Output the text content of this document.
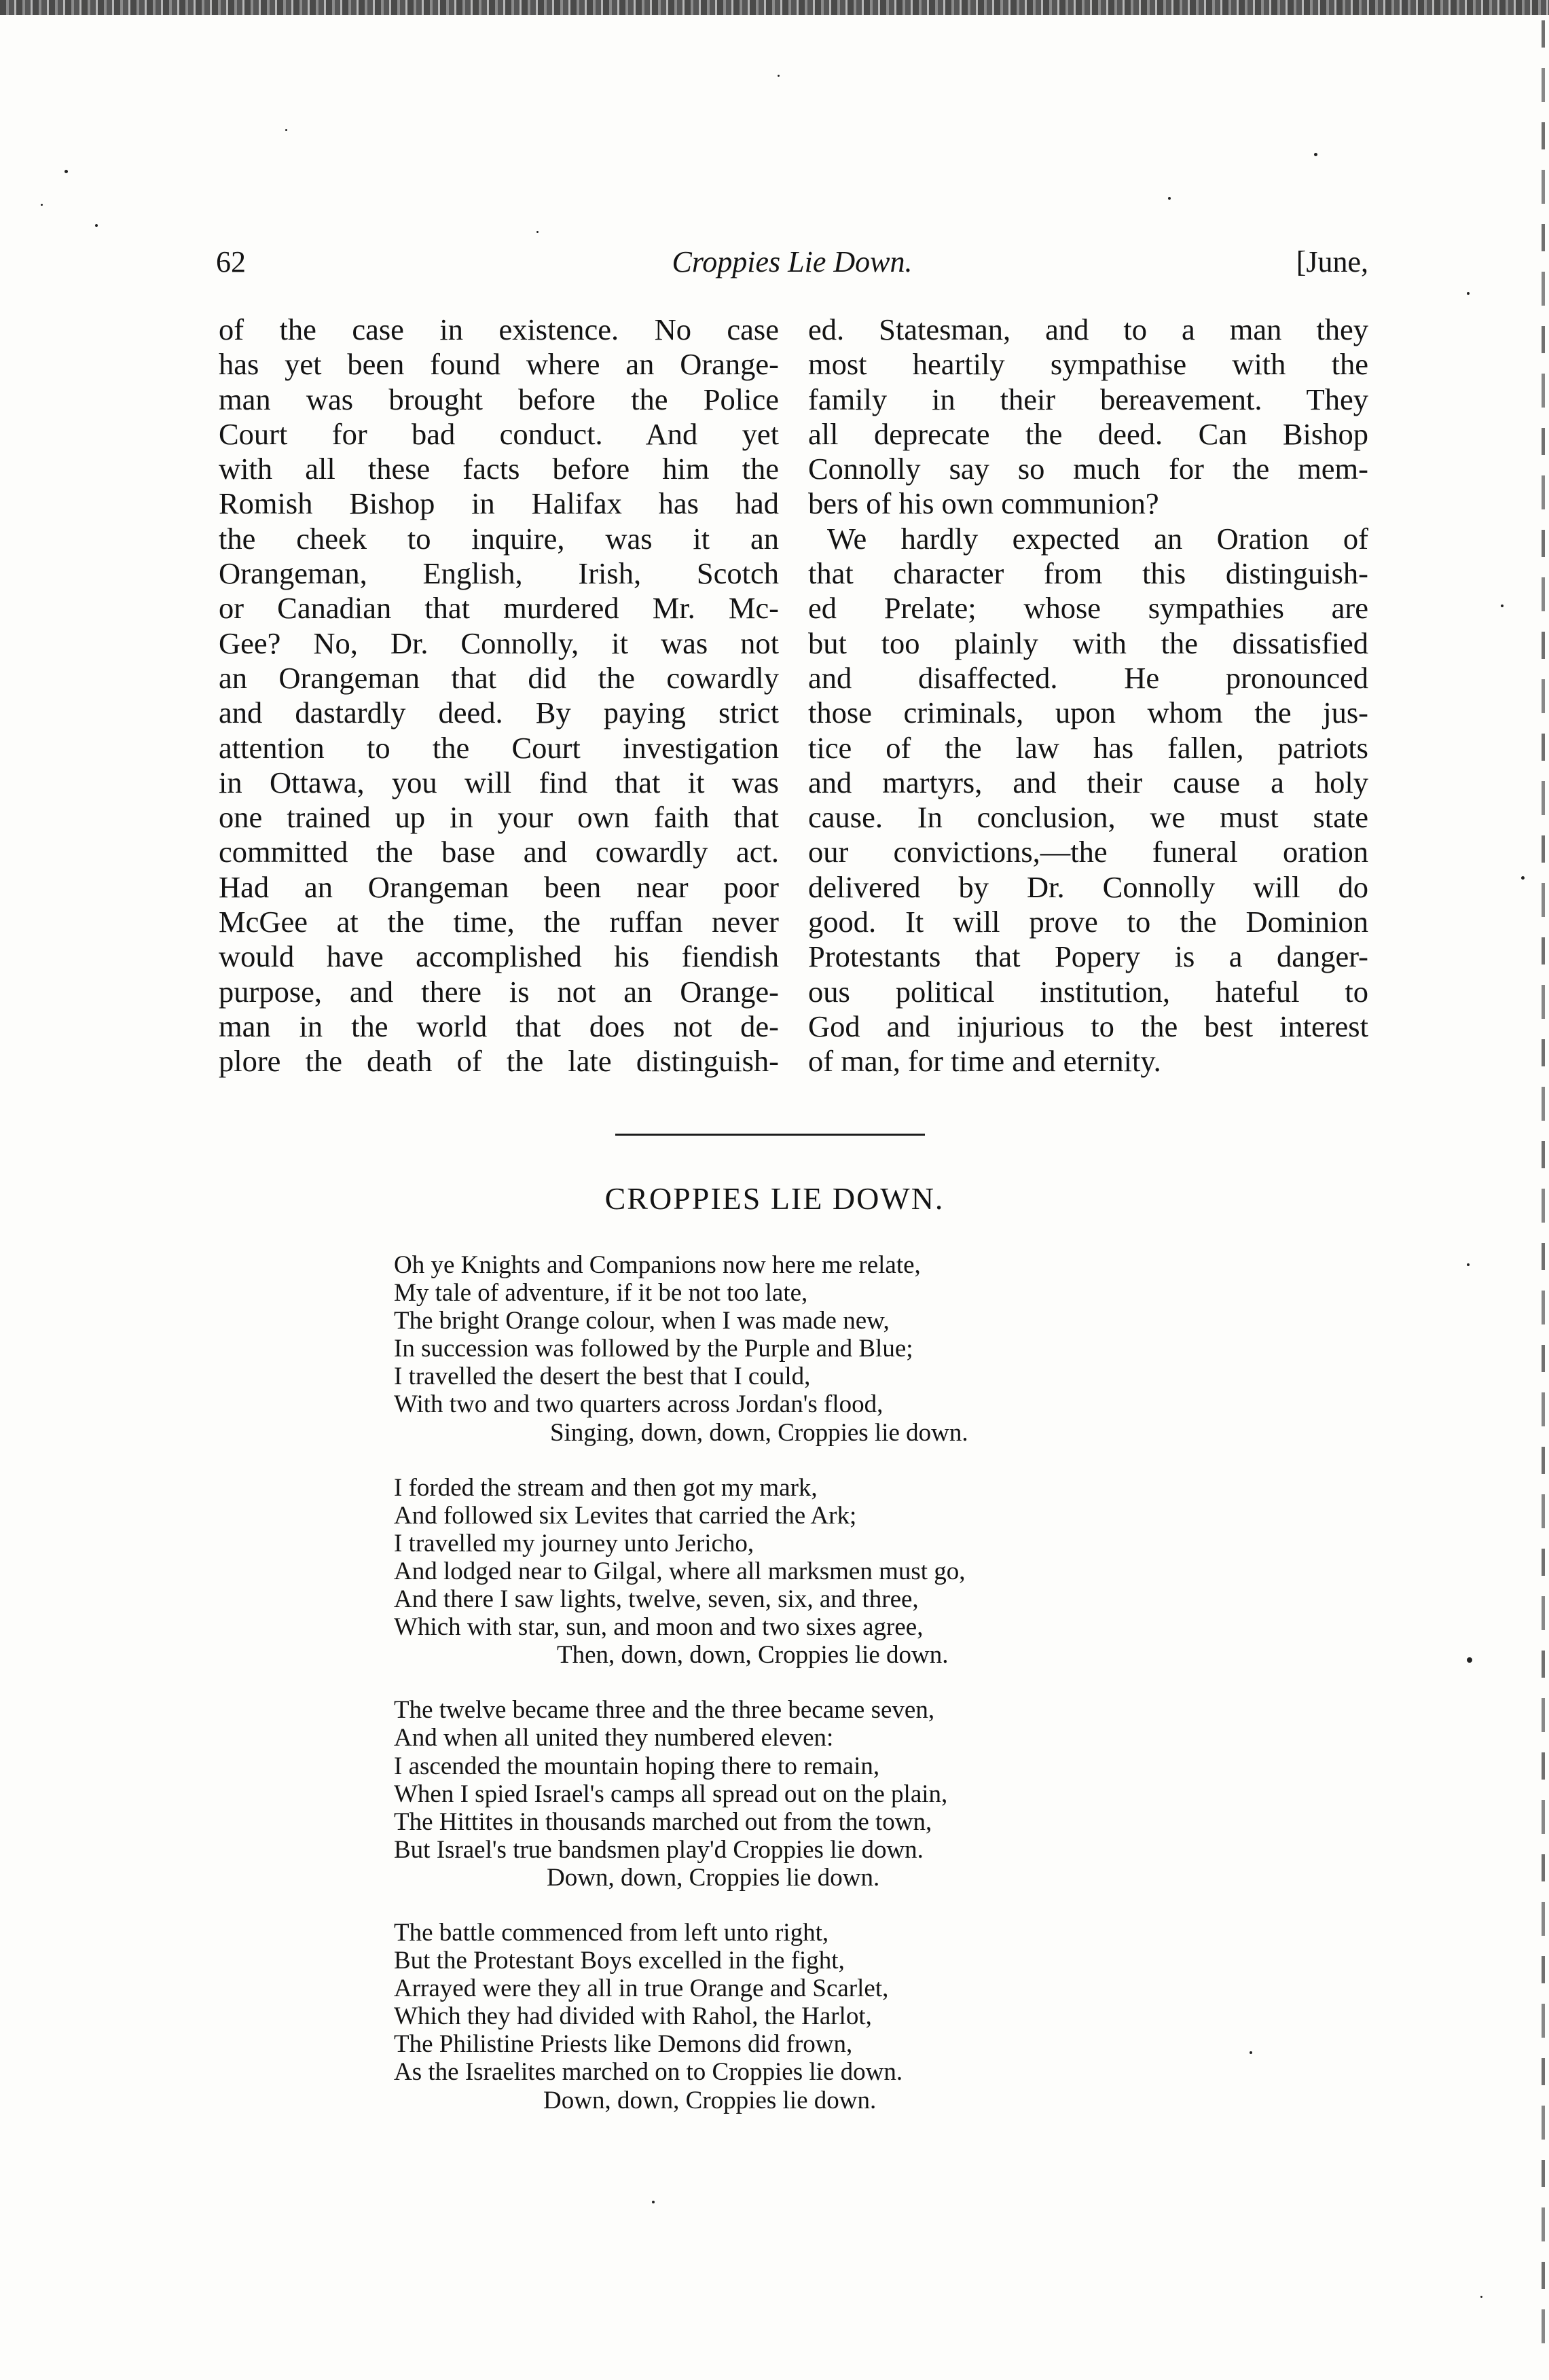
62	Croppies Lie Down.	[June,
of the case in existence. No case
has yet been found where an Orange-
man was brought before the Police
Court for bad conduct. And yet
with all these facts before him the
Romish Bishop in Halifax has had
the cheek to inquire, was it an
Orangeman, English, Irish, Scotch
or Canadian that murdered Mr. Mc-
Gee? No, Dr. Connolly, it was not
an Orangeman that did the cowardly
and dastardly deed. By paying strict
attention to the Court investigation
in Ottawa, you will find that it was
one trained up in your own faith that
committed the base and cowardly act.
Had an Orangeman been near poor
McGee at the time, the ruffan never
would have accomplished his fiendish
purpose, and there is not an Orange-
man in the world that does not de-
plore the death of the late distinguish-
ed. Statesman, and to a man they
most heartily sympathise with the
family in their bereavement. They
all deprecate the deed. Can Bishop
Connolly say so much for the mem-
bers of his own communion?
We hardly expected an Oration of
that character from this distinguish-
ed Prelate; whose sympathies are
but too plainly with the dissatisfied
and disaffected. He pronounced
those criminals, upon whom the jus-
tice of the law has fallen, patriots
and martyrs, and their cause a holy
cause. In conclusion, we must state
our convictions,—the funeral oration
delivered by Dr. Connolly will do
good. It will prove to the Dominion
Protestants that Popery is a danger-
ous political institution, hateful to
God and injurious to the best interest
of man, for time and eternity.
CROPPIES LIE DOWN.
Oh ye Knights and Companions now here me relate,
My tale of adventure, if it be not too late,
The bright Orange colour, when I was made new,
In succession was followed by the Purple and Blue;
I travelled the desert the best that I could,
With two and two quarters across Jordan's flood,
Singing, down, down, Croppies lie down.
I forded the stream and then got my mark,
And followed six Levites that carried the Ark;
I travelled my journey unto Jericho,
And lodged near to Gilgal, where all marksmen must go,
And there I saw lights, twelve, seven, six, and three,
Which with star, sun, and moon and two sixes agree,
Then, down, down, Croppies lie down.
The twelve became three and the three became seven,
And when all united they numbered eleven:
I ascended the mountain hoping there to remain,
When I spied Israel's camps all spread out on the plain,
The Hittites in thousands marched out from the town,
But Israel's true bandsmen play'd Croppies lie down.
Down, down, Croppies lie down.
The battle commenced from left unto right,
But the Protestant Boys excelled in the fight,
Arrayed were they all in true Orange and Scarlet,
Which they had divided with Rahol, the Harlot,
The Philistine Priests like Demons did frown,
As the Israelites marched on to Croppies lie down.
Down, down, Croppies lie down.
